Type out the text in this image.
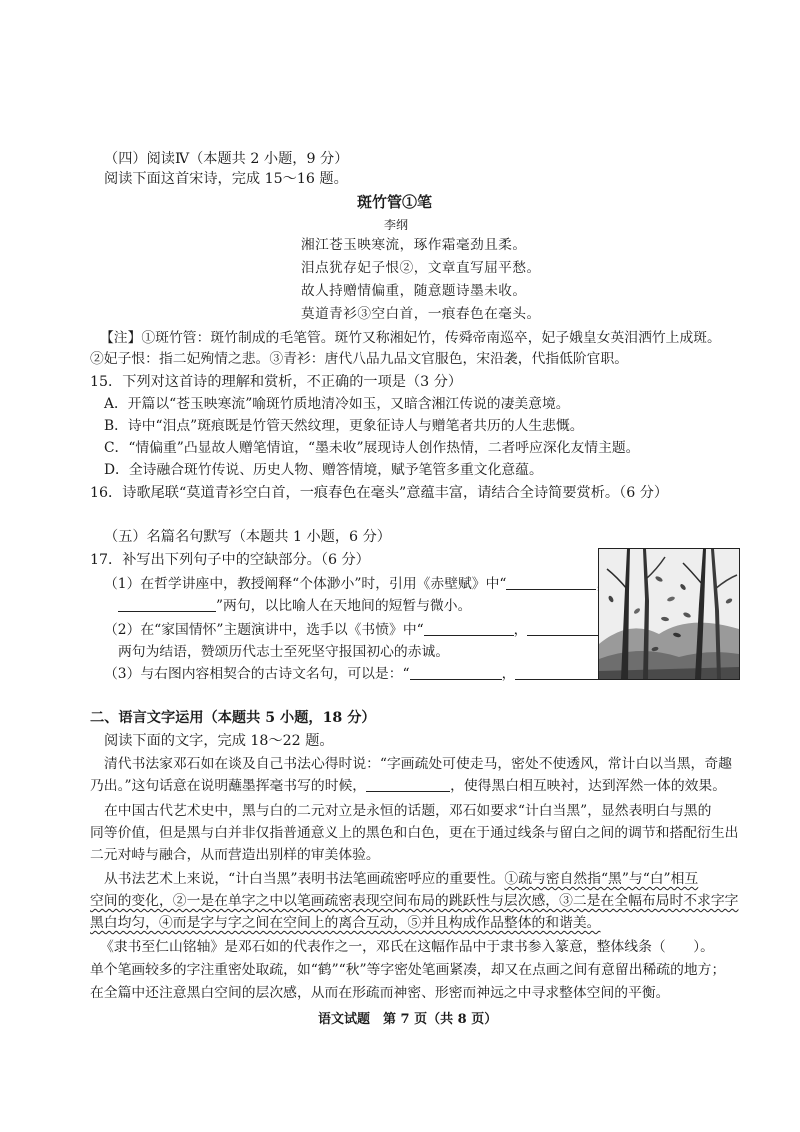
（四）阅读Ⅳ（本题共 2 小题，9 分）
阅读下面这首宋诗，完成 15～16 题。
斑竹管①笔
李纲
湘江苍玉映寒流，琢作霜毫劲且柔。
泪点犹存妃子恨②，文章直写屈平愁。
故人持赠情偏重，随意题诗墨未收。
莫道青衫③空白首，一痕春色在毫头。
【注】①斑竹管：斑竹制成的毛笔管。斑竹又称湘妃竹，传舜帝南巡卒，妃子娥皇女英泪洒竹上成斑。
②妃子恨：指二妃殉情之悲。③青衫：唐代八品九品文官服色，宋沿袭，代指低阶官职。
15．下列对这首诗的理解和赏析，不正确的一项是（3 分）
A．开篇以“苍玉映寒流”喻斑竹质地清冷如玉，又暗含湘江传说的凄美意境。
B．诗中“泪点”斑痕既是竹管天然纹理，更象征诗人与赠笔者共历的人生悲慨。
C．“情偏重”凸显故人赠笔情谊，“墨未收”展现诗人创作热情，二者呼应深化友情主题。
D．全诗融合斑竹传说、历史人物、赠答情境，赋予笔管多重文化意蕴。
16．诗歌尾联“莫道青衫空白首，一痕春色在毫头”意蕴丰富，请结合全诗简要赏析。（6 分）
（五）名篇名句默写（本题共 1 小题，6 分）
17．补写出下列句子中的空缺部分。（6 分）
（1）在哲学讲座中，教授阐释“个体渺小”时，引用《赤壁赋》中“
”两句，以比喻人在天地间的短暂与微小。
（2）在“家国情怀”主题演讲中，选手以《书愤》中“	，
两句为结语，赞颂历代志士至死坚守报国初心的赤诚。
（3）与右图内容相契合的古诗文名句，可以是：“	，
二、语言文字运用（本题共 5 小题，18 分）
阅读下面的文字，完成 18～22 题。
清代书法家邓石如在谈及自己书法心得时说：“字画疏处可使走马，密处不使透风，常计白以当黑，奇趣
乃出。”这句话意在说明蘸墨挥毫书写的时候，	，使得黑白相互映衬，达到浑然一体的效果。
在中国古代艺术史中，黑与白的二元对立是永恒的话题，邓石如要求“计白当黑”，显然表明白与黑的
同等价值，但是黑与白并非仅指普通意义上的黑色和白色，更在于通过线条与留白之间的调节和搭配衍生出
二元对峙与融合，从而营造出别样的审美体验。
从书法艺术上来说，“计白当黑”表明书法笔画疏密呼应的重要性。①疏与密自然指“黑”与“白”相互
空间的变化，②一是在单字之中以笔画疏密表现空间布局的跳跃性与层次感，③二是在全幅布局时不求字字
黑白均匀，④而是字与字之间在空间上的离合互动，⑤并且构成作品整体的和谐美。
《隶书至仁山铭轴》是邓石如的代表作之一，邓氏在这幅作品中于隶书参入篆意，整体线条（　　）。
单个笔画较多的字注重密处取疏，如“鹤”“秋”等字密处笔画紧凑，却又在点画之间有意留出稀疏的地方；
在全篇中还注意黑白空间的层次感，从而在形疏而神密、形密而神远之中寻求整体空间的平衡。
语文试题　第 7 页（共 8 页）
